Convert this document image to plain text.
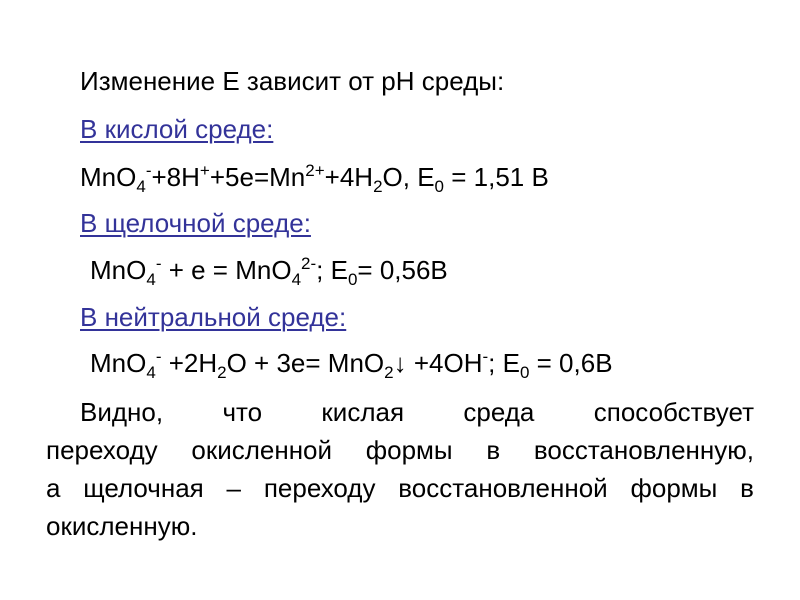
Изменение E зависит от рН среды:
В кислой среде:
$MnO_4^-+8H^++5e=Mn^{2+}+4H_2O$, $E_0 = 1,51$ В
В щелочной среде:
MnO$_4$- + e = MnO$_4^{2-}$; $E_0= 0,56В$
В нейтральной среде:
$MnO_4^- +2H_2O + 3e=$ MnO$_2$↓ +4OH-; $E_0 = 0,6В$
Видно, что кислая среда способствует
переходу окисленной формы в восстановленную,
а щелочная – переходу восстановленной формы в
окисленную.
